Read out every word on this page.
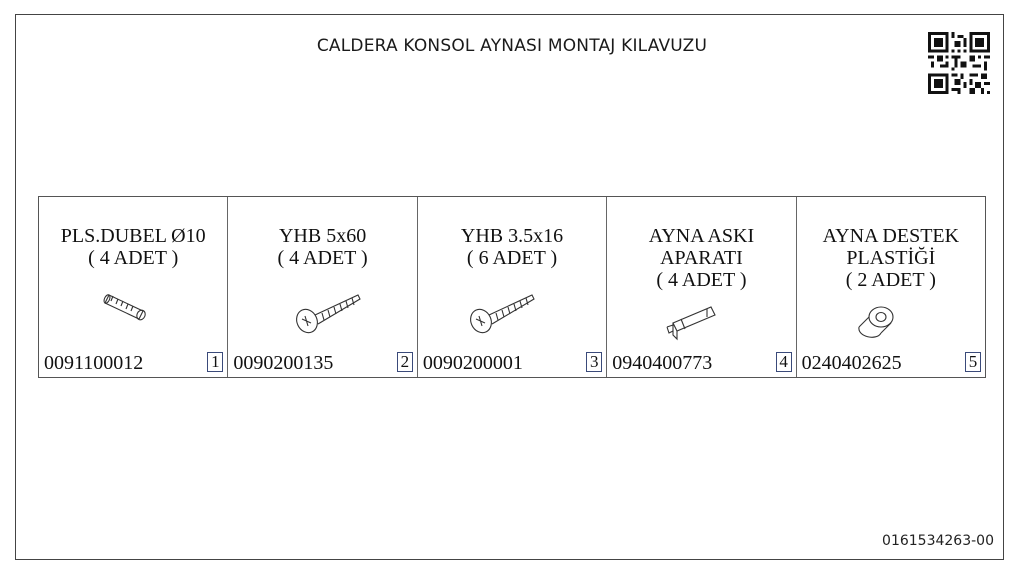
CALDERA KONSOL AYNASI MONTAJ KILAVUZU

PLS.DUBEL Ø10

( 4 ADET )

0091100012	1

YHB 5x60

( 4 ADET )

0090200135	2

YHB 3.5x16

( 6 ADET )

0090200001	3

AYNA ASKI
APARATI

( 4 ADET )

0940400773	4

AYNA DESTEK
PLASTİĞİ

( 2 ADET )

0240402625	5
0161534263-00
